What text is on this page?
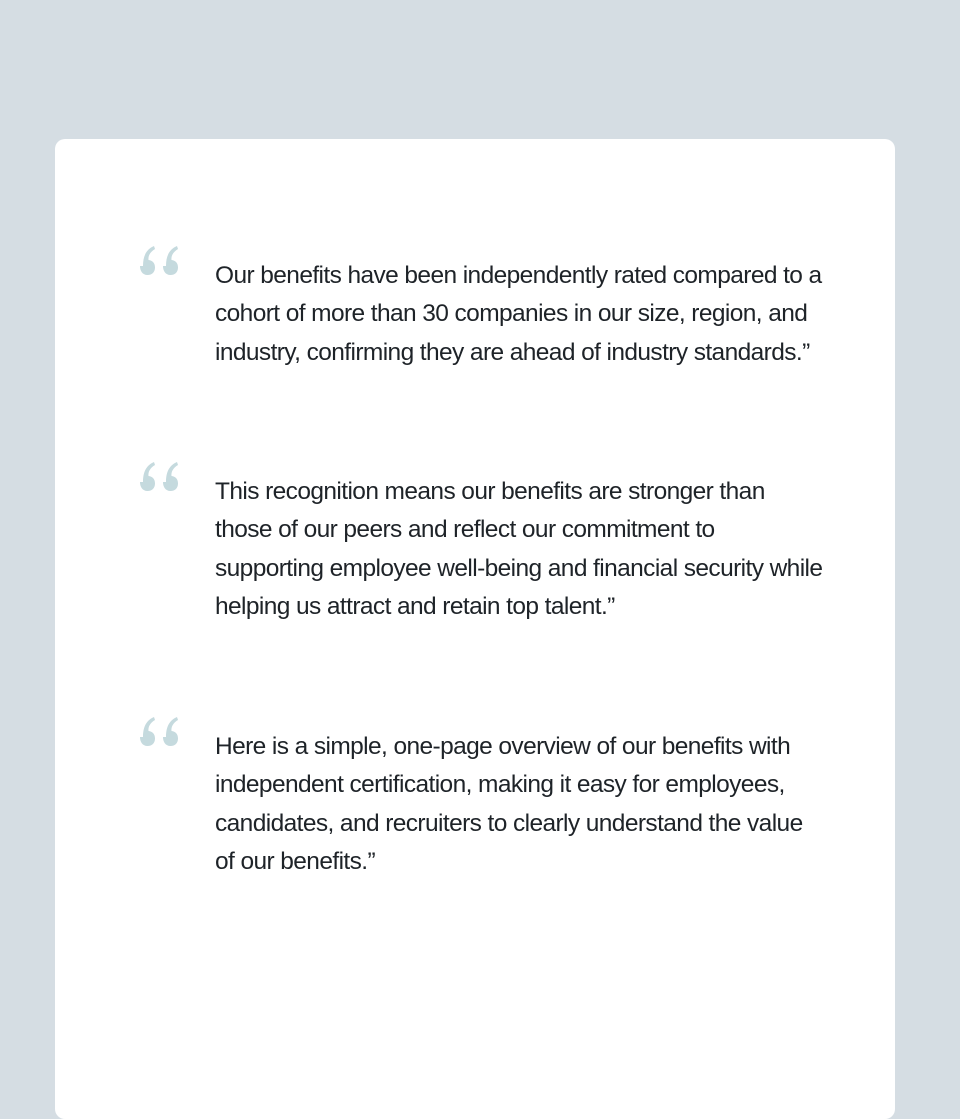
Our benefits have been independently rated compared to a cohort of more than 30 companies in our size, region, and industry, confirming they are ahead of industry standards.”

This recognition means our benefits are stronger than those of our peers and reflect our commitment to supporting employee well-being and financial security while helping us attract and retain top talent.”

Here is a simple, one-page overview of our benefits with independent certification, making it easy for employees, candidates, and recruiters to clearly understand the value of our benefits.”
